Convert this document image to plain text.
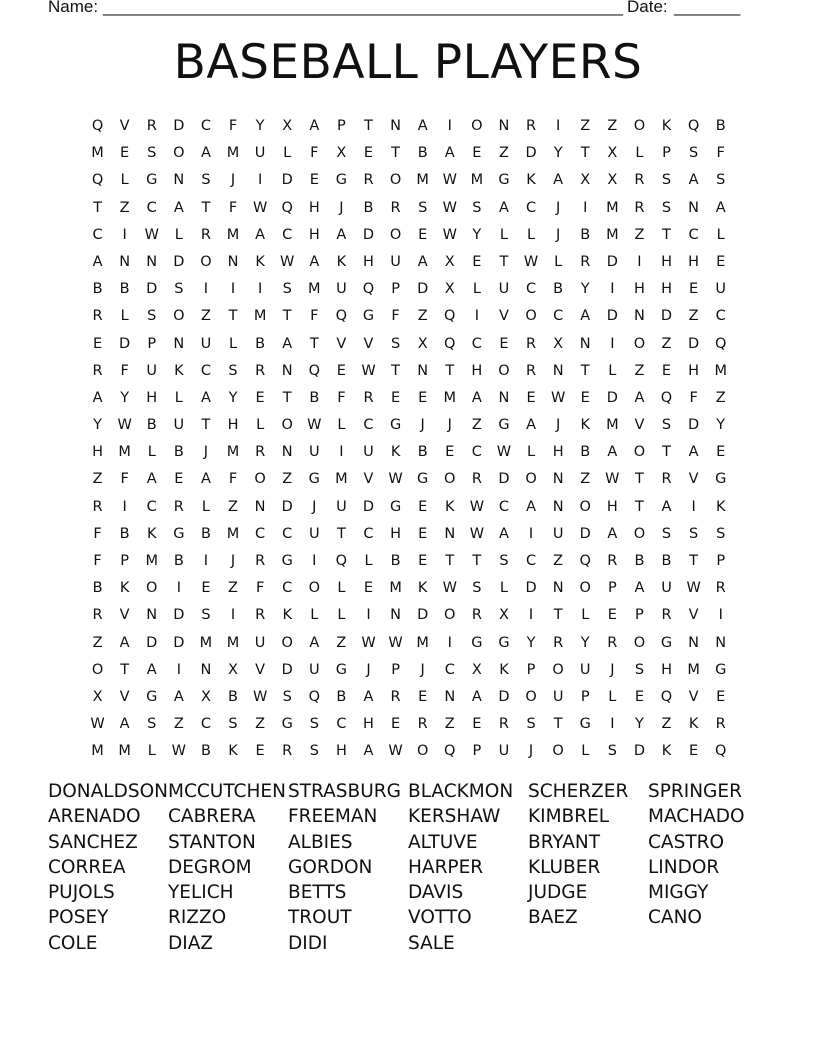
Name: _______________________________________________________ Date: _______
BASEBALL PLAYERS
Q	V	R	D	C	F	Y	X	A	P	T	N	A	I	O	N	R	I	Z	Z	O	K	Q	B
M	E	S	O	A	M	U	L	F	X	E	T	B	A	E	Z	D	Y	T	X	L	P	S	F
Q	L	G	N	S	J	I	D	E	G	R	O	M W M	G	K	A	X	X	R	S	A	S
T	Z	C	A	T	F	W Q	H	J	B	R	S	W	S	A	C	J	I	M	R	S	N	A
C	I	W	L	R	M	A	C	H	A	D	O	E	W	Y	L	L	J	B	M	Z	T	C	L
A	N	N	D	O	N	K	W	A	K	H	U	A	X	E	T	W	L	R	D	I	H	H	E
B	B	D	S	I	I	I	S	M	U	Q	P	D	X	L	U	C	B	Y	I	H	H	E	U
R	L	S	O	Z	T	M	T	F	Q	G	F	Z	Q	I	V	O	C	A	D	N	D	Z	C
E	D	P	N	U	L	B	A	T	V	V	S	X	Q	C	E	R	X	N	I	O	Z	D	Q
R	F	U	K	C	S	R	N	Q	E	W	T	N	T	H	O	R	N	T	L	Z	E	H	M
A	Y	H	L	A	Y	E	T	B	F	R	E	E	M	A	N	E	W	E	D	A	Q	F	Z
Y	W	B	U	T	H	L	O W	L	C	G	J	J	Z	G	A	J	K	M	V	S	D	Y
H	M	L	B	J	M	R	N	U	I	U	K	B	E	C	W	L	H	B	A	O	T	A	E
Z	F	A	E	A	F	O	Z	G	M	V	W G	O	R	D	O	N	Z	W	T	R	V	G
R	I	C	R	L	Z	N	D	J	U	D	G	E	K	W	C	A	N	O	H	T	A	I	K
F	B	K	G	B	M	C	C	U	T	C	H	E	N	W	A	I	U	D	A	O	S	S	S
F	P	M	B	I	J	R	G	I	Q	L	B	E	T	T	S	C	Z	Q	R	B	B	T	P
B	K	O	I	E	Z	F	C	O	L	E	M	K	W	S	L	D	N	O	P	A	U	W	R
R	V	N	D	S	I	R	K	L	L	I	N	D	O	R	X	I	T	L	E	P	R	V	I
Z	A	D	D	M	M	U	O	A	Z	W W M	I	G	G	Y	R	Y	R	O	G	N	N
O	T	A	I	N	X	V	D	U	G	J	P	J	C	X	K	P	O	U	J	S	H	M	G
X	V	G	A	X	B	W	S	Q	B	A	R	E	N	A	D	O	U	P	L	E	Q	V	E
W	A	S	Z	C	S	Z	G	S	C	H	E	R	Z	E	R	S	T	G	I	Y	Z	K	R
M	M	L	W	B	K	E	R	S	H	A	W O	Q	P	U	J	O	L	S	D	K	E	Q
DONALDSON MCCUTCHEN STRASBURG BLACKMON SCHERZER	SPRINGER
ARENADO	CABRERA	FREEMAN	KERSHAW	KIMBREL	MACHADO
SANCHEZ	STANTON	ALBIES	ALTUVE	BRYANT	CASTRO
CORREA	DEGROM	GORDON	HARPER	KLUBER	LINDOR
PUJOLS	YELICH	BETTS	DAVIS	JUDGE	MIGGY
POSEY	RIZZO	TROUT	VOTTO	BAEZ	CANO
COLE	DIAZ	DIDI	SALE
